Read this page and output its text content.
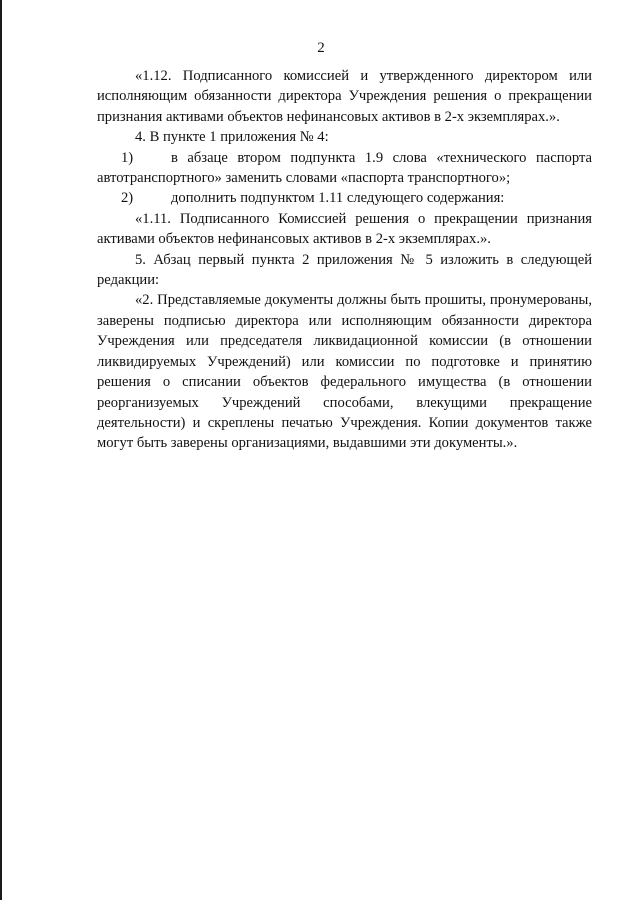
2

«1.12. Подписанного комиссией и утвержденного директором или исполняющим обязанности директора Учреждения решения о прекращении признания активами объектов нефинансовых активов в 2-х экземплярах.».

4. В пункте 1 приложения № 4:

1)	в абзаце втором подпункта 1.9 слова «технического паспорта автотранспортного» заменить словами «паспорта транспортного»;

2)	дополнить подпунктом 1.11 следующего содержания:

«1.11. Подписанного Комиссией решения о прекращении признания активами объектов нефинансовых активов в 2-х экземплярах.».

5. Абзац первый пункта 2 приложения № 5 изложить в следующей редакции:

«2. Представляемые документы должны быть прошиты, пронумерованы, заверены подписью директора или исполняющим обязанности директора Учреждения или председателя ликвидационной комиссии (в отношении ликвидируемых Учреждений) или комиссии по подготовке и принятию решения о списании объектов федерального имущества (в отношении реорганизуемых Учреждений способами, влекущими прекращение деятельности) и скреплены печатью Учреждения. Копии документов также могут быть заверены организациями, выдавшими эти документы.».
